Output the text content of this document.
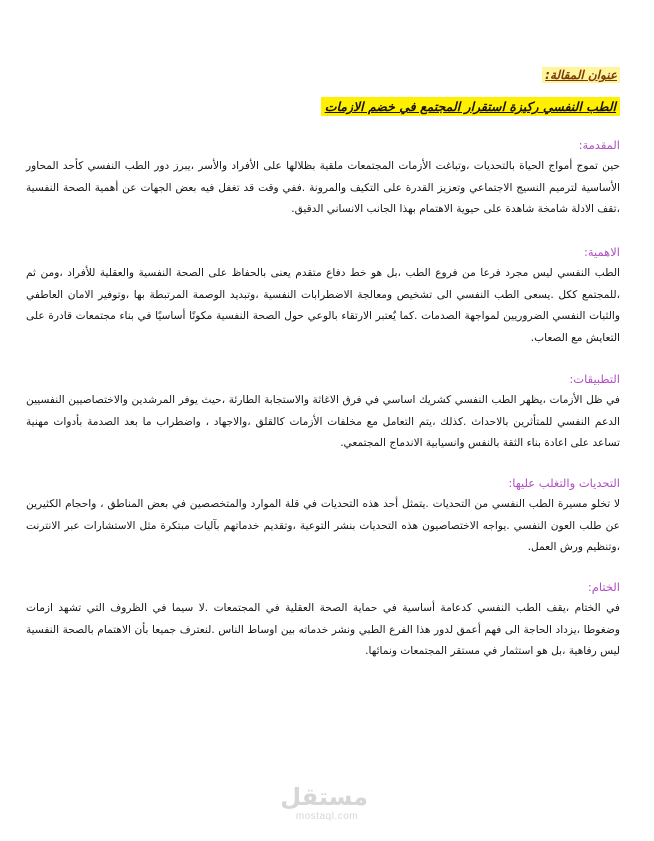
عنوان المقالة:
الطب النفسي ركيزة استقرار المجتمع في خضم الازمات
المقدمة:
حين تموج أمواج الحياة بالتحديات ،وتباغت الأزمات المجتمعات ملقية بظلالها على الأفراد والأسر ،يبرز دور الطب النفسي كأحد المحاور الأساسية لترميم النسيج الاجتماعي وتعزيز القدرة على التكيف والمرونة .ففي وقت قد تغفل فيه بعض الجهات عن أهمية الصحة النفسية ،تقف الادلة شامخة شاهدة على حيوية الاهتمام بهذا الجانب الانساني الدقيق.
الاهمية:
الطب النفسي ليس مجرد فرعا من فروع الطب ،بل هو خط دفاع متقدم يعنى بالحفاظ على الصحة النفسية والعقلية للأفراد ،ومن ثم ،للمجتمع ككل .يسعى الطب النفسي الى تشخيص ومعالجة الاضطرابات النفسية ،وتبديد الوصمة المرتبطة بها ،وتوفير الامان العاطفي والثبات النفسي الضروريين لمواجهة الصدمات .كما يٌعتبر الارتقاء بالوعي حول الصحة النفسية مكونًا أساسيًا في بناء مجتمعات قادرة على التعايش مع الصعاب.
التطبيقات:
في ظل الأزمات ،يظهر الطب النفسي كشريك اساسي في فرق الاغاثة والاستجابة الطارئة ،حيث يوفر المرشدين والاختصاصيين النفسيين الدعم النفسي للمتأثرين بالاحداث .كذلك ،يتم التعامل مع مخلفات الأزمات كالقلق ،والاجهاد ، واضطراب ما بعد الصدمة بأدوات مهنية تساعد على اعادة بناء الثقة بالنفس وانسيابية الاندماج المجتمعي.
التحديات والتغلب عليها:
لا تخلو مسيرة الطب النفسي من التحديات .يتمثل أحد هذه التحديات في قلة الموارد والمتخصصين في بعض المناطق ، واحجام الكثيرين عن طلب العون النفسي .يواجه الاختصاصيون هذه التحديات بنشر التوعية ،وتقديم خدماتهم بآليات مبتكرة مثل الاستشارات عبر الانترنت ،وتنظيم ورش العمل.
الختام:
في الختام ،يقف الطب النفسي كدعامة أساسية في حماية الصحة العقلية في المجتمعات .لا سيما في الظروف التي تشهد ازمات وضغوطا ،يزداد الحاجة الى فهم أعمق لدور هذا الفرع الطبي ونشر خدماته بين اوساط الناس .لنعترف جميعا بأن الاهتمام بالصحة النفسية ليس رفاهية ،بل هو استثمار في مستقر المجتمعات ونمائها.
مستقل
mostaql.com
